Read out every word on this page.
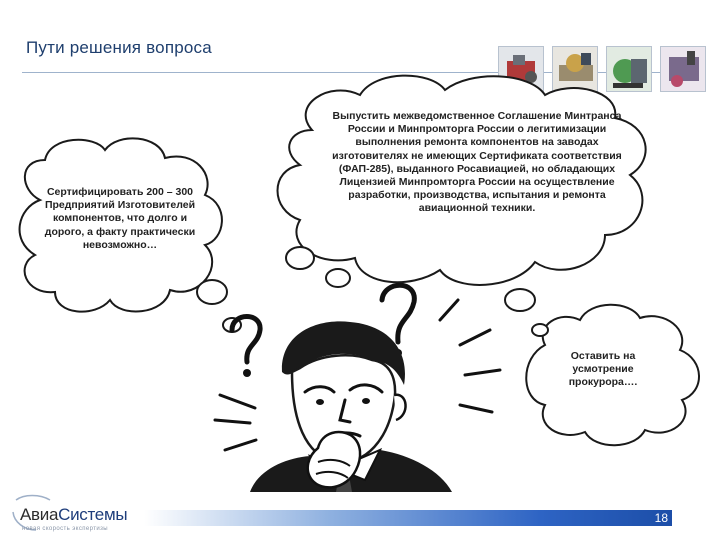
Пути решения вопроса
Сертифицировать 200 – 300 Предприятий Изготовителей компонентов, что долго и дорого, а факту практически невозможно…
Выпустить межведомственное Соглашение Минтранса России и Минпромторга России о легитимизации выполнения ремонта компонентов на заводах изготовителях не имеющих Сертификата соответствия (ФАП-285), выданного Росавиацией, но обладающих Лицензией Минпромторга России на осуществление разработки, производства, испытания и ремонта авиационной техники.
Оставить на усмотрение прокурора….
АвиаСистемы
новая скорость экспертизы
18
